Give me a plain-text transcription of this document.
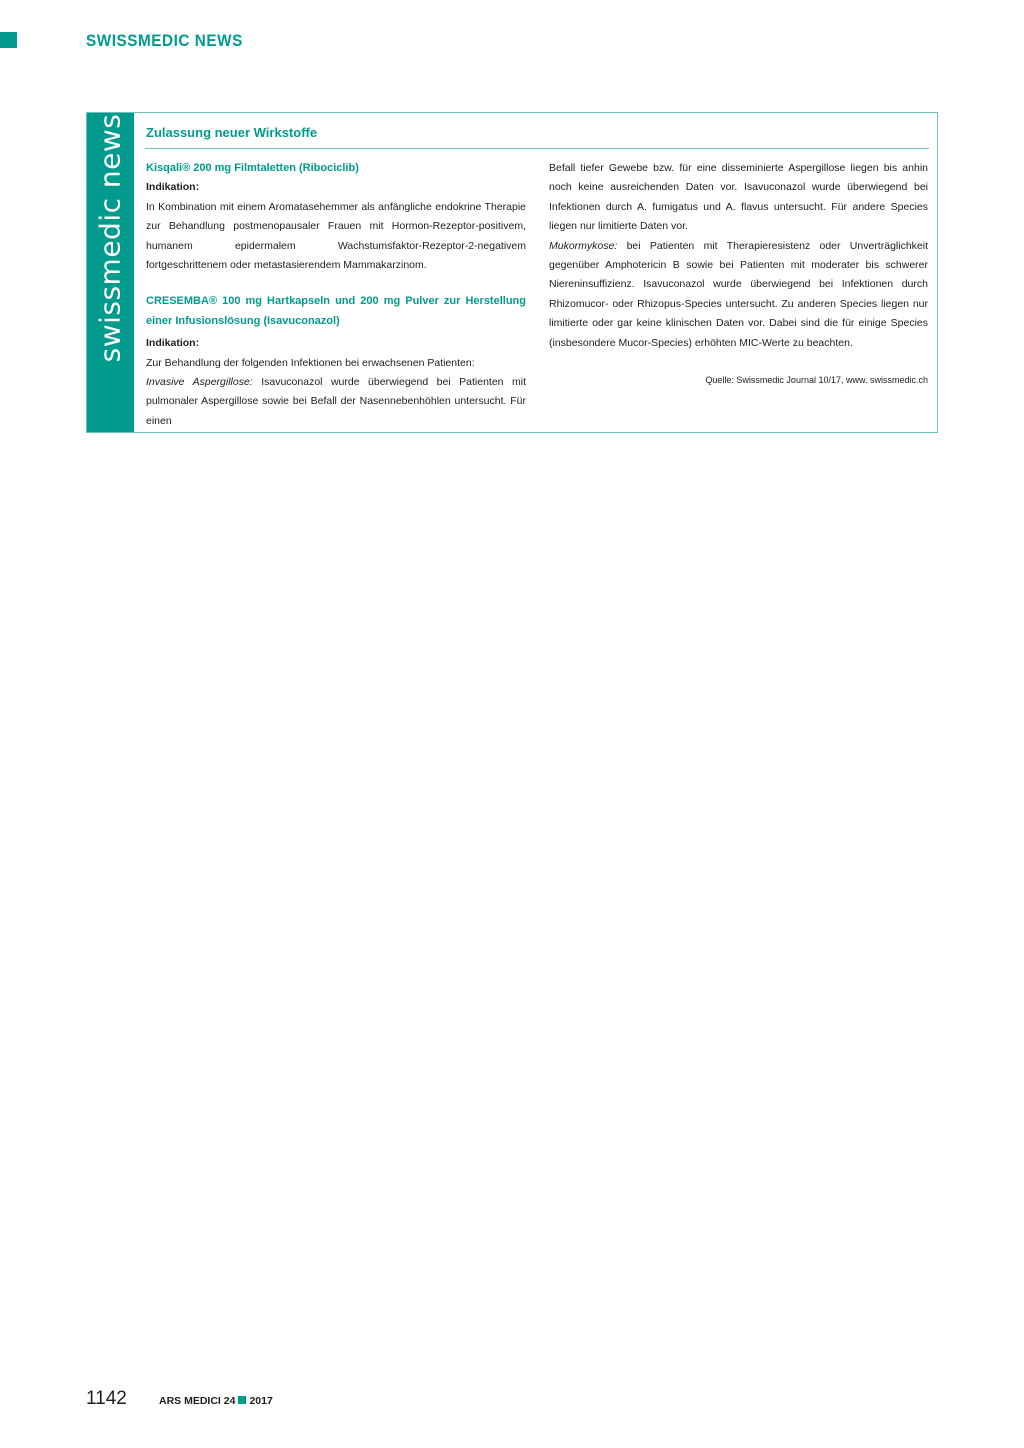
SWISSMEDIC NEWS
swissmedic news Zulassung neuer Wirkstoffe

Kisqali® 200 mg Filmtaletten (Ribociclib)

Indikation:

In Kombination mit einem Aromatasehemmer als anfängliche endokrine Therapie zur Behandlung postmenopausaler Frauen mit Hormon-Rezeptor-positivem, humanem epidermalem Wachstumsfaktor-Rezeptor-2-negativem fortgeschrittenem oder metastasierendem Mammakarzinom.

CRESEMBA® 100 mg Hartkapseln und 200 mg Pulver zur Herstellung einer Infusionslösung (Isavuconazol)

Indikation:

Zur Behandlung der folgenden Infektionen bei erwachsenen Patienten:

Invasive Aspergillose: Isavuconazol wurde überwiegend bei Patienten mit pulmonaler Aspergillose sowie bei Befall der Nasennebenhöhlen untersucht. Für einen

Befall tiefer Gewebe bzw. für eine disseminierte Aspergillose liegen bis anhin noch keine ausreichenden Daten vor. Isavuconazol wurde überwiegend bei Infektionen durch A. fumigatus und A. flavus untersucht. Für andere Species liegen nur limitierte Daten vor.

Mukormykose: bei Patienten mit Therapieresistenz oder Unverträglichkeit gegenüber Amphotericin B sowie bei Patienten mit moderater bis schwerer Niereninsuffizienz. Isavuconazol wurde überwiegend bei Infektionen durch Rhizomucor- oder Rhizopus-Species untersucht. Zu anderen Species liegen nur limitierte oder gar keine klinischen Daten vor. Dabei sind die für einige Species (insbesondere Mucor-Species) erhöhten MIC-Werte zu beachten.

Quelle: Swissmedic Journal 10/17, www. swissmedic.ch

1142	ARS MEDICI 24 2017
